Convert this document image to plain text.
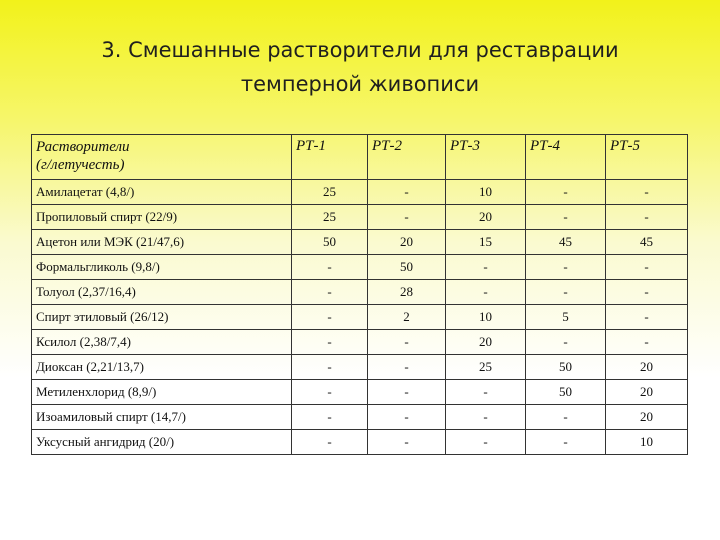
3. Смешанные растворители для реставрации
темперной живописи
Растворители
(г/летучесть)	РТ-1	РТ-2	РТ-3	РТ-4	РТ-5
Амилацетат (4,8/)	25	-	10	-	-
Пропиловый спирт (22/9)	25	-	20	-	-
Ацетон или МЭК (21/47,6)	50	20	15	45	45
Формальгликоль (9,8/)	-	50	-	-	-
Толуол (2,37/16,4)	-	28	-	-	-
Спирт этиловый (26/12)	-	2	10	5	-
Ксилол (2,38/7,4)	-	-	20	-	-
Диоксан (2,21/13,7)	-	-	25	50	20
Метиленхлорид (8,9/)	-	-	-	50	20
Изоамиловый спирт (14,7/)	-	-	-	-	20
Уксусный ангидрид (20/)	-	-	-	-	10
